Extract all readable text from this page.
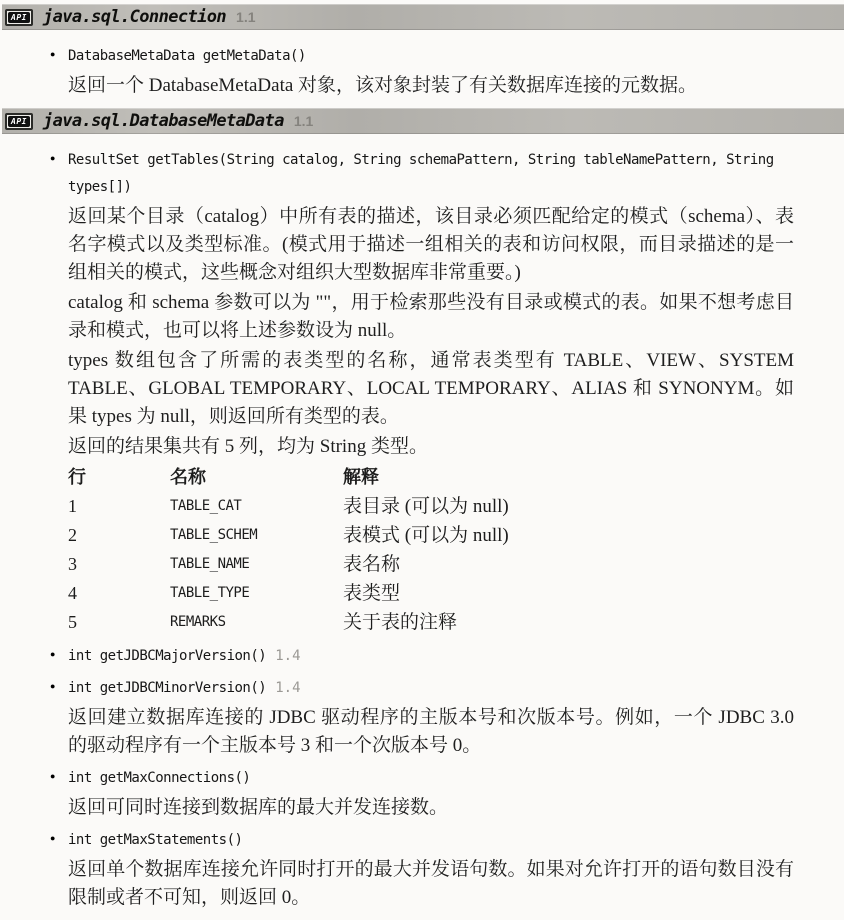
API java.sql.Connection 1.1
● DatabaseMetaData getMetaData()

返回一个 DatabaseMetaData 对象，该对象封装了有关数据库连接的元数据。

API java.sql.DatabaseMetaData 1.1
● ResultSet getTables(String catalog, String schemaPattern, String tableNamePattern, String types[])

返回某个目录（catalog）中所有表的描述，该目录必须匹配给定的模式（schema）、表名字模式以及类型标准。(模式用于描述一组相关的表和访问权限，而目录描述的是一组相关的模式，这些概念对组织大型数据库非常重要。)

catalog 和 schema 参数可以为 ""，用于检索那些没有目录或模式的表。如果不想考虑目录和模式，也可以将上述参数设为 null。

types 数组包含了所需的表类型的名称，通常表类型有 TABLE、VIEW、SYSTEM TABLE、GLOBAL TEMPORARY、LOCAL TEMPORARY、ALIAS 和 SYNONYM。如果 types 为 null，则返回所有类型的表。

返回的结果集共有 5 列，均为 String 类型。

行	名称	解释
1	TABLE_CAT	表目录 (可以为 null)
2	TABLE_SCHEM	表模式 (可以为 null)
3	TABLE_NAME	表名称
4	TABLE_TYPE	表类型
5	REMARKS	关于表的注释
● int getJDBCMajorVersion() 1.4
● int getJDBCMinorVersion() 1.4

返回建立数据库连接的 JDBC 驱动程序的主版本号和次版本号。例如，一个 JDBC 3.0 的驱动程序有一个主版本号 3 和一个次版本号 0。

● int getMaxConnections()

返回可同时连接到数据库的最大并发连接数。

● int getMaxStatements()

返回单个数据库连接允许同时打开的最大并发语句数。如果对允许打开的语句数目没有限制或者不可知，则返回 0。
